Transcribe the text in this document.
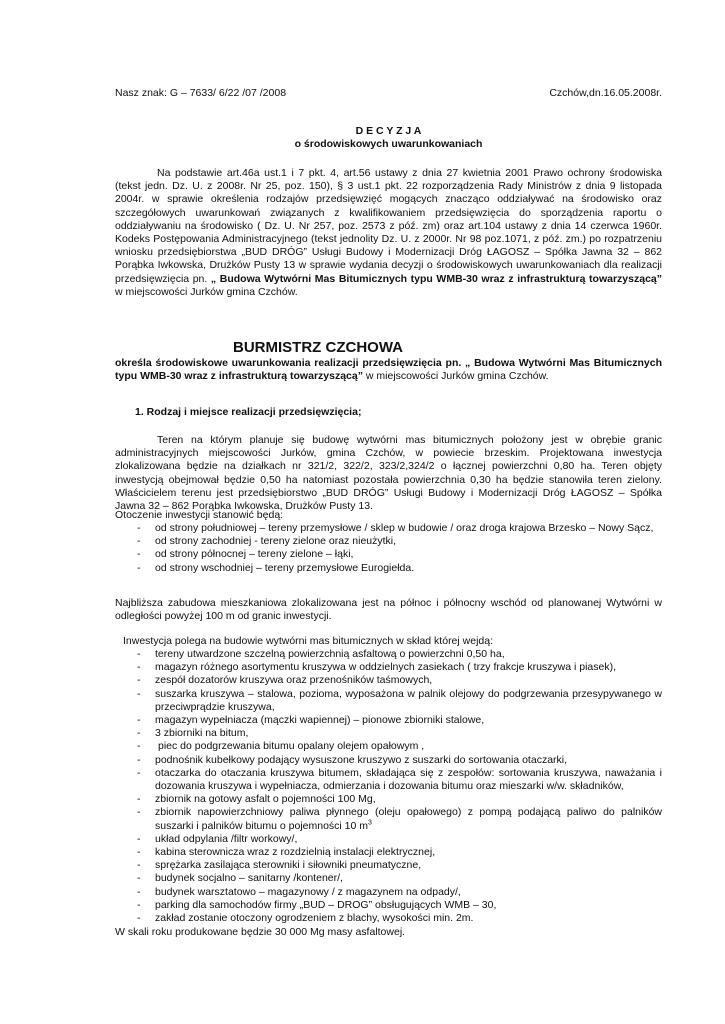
Nasz znak: G – 7633/ 6/22 /07 /2008	Czchów,dn.16.05.2008r.
D E C Y Z J A
o środowiskowych uwarunkowaniach
Na podstawie art.46a ust.1 i 7 pkt. 4, art.56 ustawy z dnia 27 kwietnia 2001 Prawo ochrony środowiska (tekst jedn. Dz. U. z 2008r. Nr 25, poz. 150), § 3 ust.1 pkt. 22 rozporządzenia Rady Ministrów z dnia 9 listopada 2004r. w sprawie określenia rodzajów przedsięwzięć mogących znacząco oddziaływać na środowisko oraz szczegółowych uwarunkowań związanych z kwalifikowaniem przedsięwzięcia do sporządzenia raportu o oddziaływaniu na środowisko ( Dz. U. Nr 257, poz. 2573 z póź. zm) oraz art.104 ustawy z dnia 14 czerwca 1960r. Kodeks Postępowania Administracyjnego (tekst jednolity Dz. U. z 2000r. Nr 98 poz.1071, z póź. zm.) po rozpatrzeniu wniosku przedsiębiorstwa „BUD DRÓG” Usługi Budowy i Modernizacji Dróg ŁAGOSZ – Spółka Jawna 32 – 862 Porąbka Iwkowska, Drużków Pusty 13 w sprawie wydania decyzji o środowiskowych uwarunkowaniach dla realizacji przedsięwzięcia pn. „ Budowa Wytwórni Mas Bitumicznych typu WMB-30 wraz z infrastrukturą towarzyszącą” w miejscowości Jurków gmina Czchów.
BURMISTRZ CZCHOWA
określa środowiskowe uwarunkowania realizacji przedsięwzięcia pn. „ Budowa Wytwórni Mas Bitumicznych typu WMB-30 wraz z infrastrukturą towarzyszącą” w miejscowości Jurków gmina Czchów.
1. Rodzaj i miejsce realizacji przedsięwzięcia;
Teren na którym planuje się budowę wytwórni mas bitumicznych położony jest w obrębie granic administracyjnych miejscowości Jurków, gmina Czchów, w powiecie brzeskim. Projektowana inwestycja zlokalizowana będzie na działkach nr 321/2, 322/2, 323/2,324/2 o łącznej powierzchni 0,80 ha. Teren objęty inwestycją obejmował będzie 0,50 ha natomiast pozostała powierzchnia 0,30 ha będzie stanowiła teren zielony. Właścicielem terenu jest przedsiębiorstwo „BUD DRÓG” Usługi Budowy i Modernizacji Dróg ŁAGOSZ – Spółka Jawna 32 – 862 Porąbka Iwkowska, Drużków Pusty 13.
Otoczenie inwestycji stanowić będą:
- od strony południowej – tereny przemysłowe / sklep w budowie / oraz droga krajowa Brzesko – Nowy Sącz,
- od strony zachodniej - tereny zielone oraz nieużytki,
- od strony północnej – tereny zielone – łąki,
- od strony wschodniej – tereny przemysłowe Eurogiełda.
Najbliższa zabudowa mieszkaniowa zlokalizowana jest na północ i północny wschód od planowanej Wytwórni w odległości powyżej 100 m od granic inwestycji.
Inwestycja polega na budowie wytwórni mas bitumicznych w skład której wejdą:
- tereny utwardzone szczelną powierzchnią asfaltową o powierzchni 0,50 ha,
- magazyn różnego asortymentu kruszywa w oddzielnych zasiekach ( trzy frakcje kruszywa i piasek),
- zespół dozatorów kruszywa oraz przenośników taśmowych,
- suszarka kruszywa – stalowa, pozioma, wyposażona w palnik olejowy do podgrzewania przesypywanego w przeciwprądzie kruszywa,
- magazyn wypełniacza (mączki wapiennej) – pionowe zbiorniki stalowe,
- 3 zbiorniki na bitum,
- piec do podgrzewania bitumu opalany olejem opałowym ,
- podnośnik kubełkowy podający wysuszone kruszywo z suszarki do sortowania otaczarki,
- otaczarka do otaczania kruszywa bitumem, składająca się z zespołów: sortowania kruszywa, naważania i dozowania kruszywa i wypełniacza, odmierzania i dozowania bitumu oraz mieszarki w/w. składników,
- zbiornik na gotowy asfalt o pojemności 100 Mg,
- zbiornik napowierzchniowy paliwa płynnego (oleju opałowego) z pompą podającą paliwo do palników suszarki i palników bitumu o pojemności 10 $m^3$
- układ odpylania /filtr workowy/,
- kabina sterownicza wraz z rozdzielnią instalacji elektrycznej,
- sprężarka zasilająca sterowniki i siłowniki pneumatyczne,
- budynek socjalno – sanitarny /kontener/,
- budynek warsztatowo – magazynowy / z magazynem na odpady/,
- parking dla samochodów firmy „BUD – DROG” obsługujących WMB – 30,
- zakład zostanie otoczony ogrodzeniem z blachy, wysokości min. 2m.
W skali roku produkowane będzie 30 000 Mg masy asfaltowej.
